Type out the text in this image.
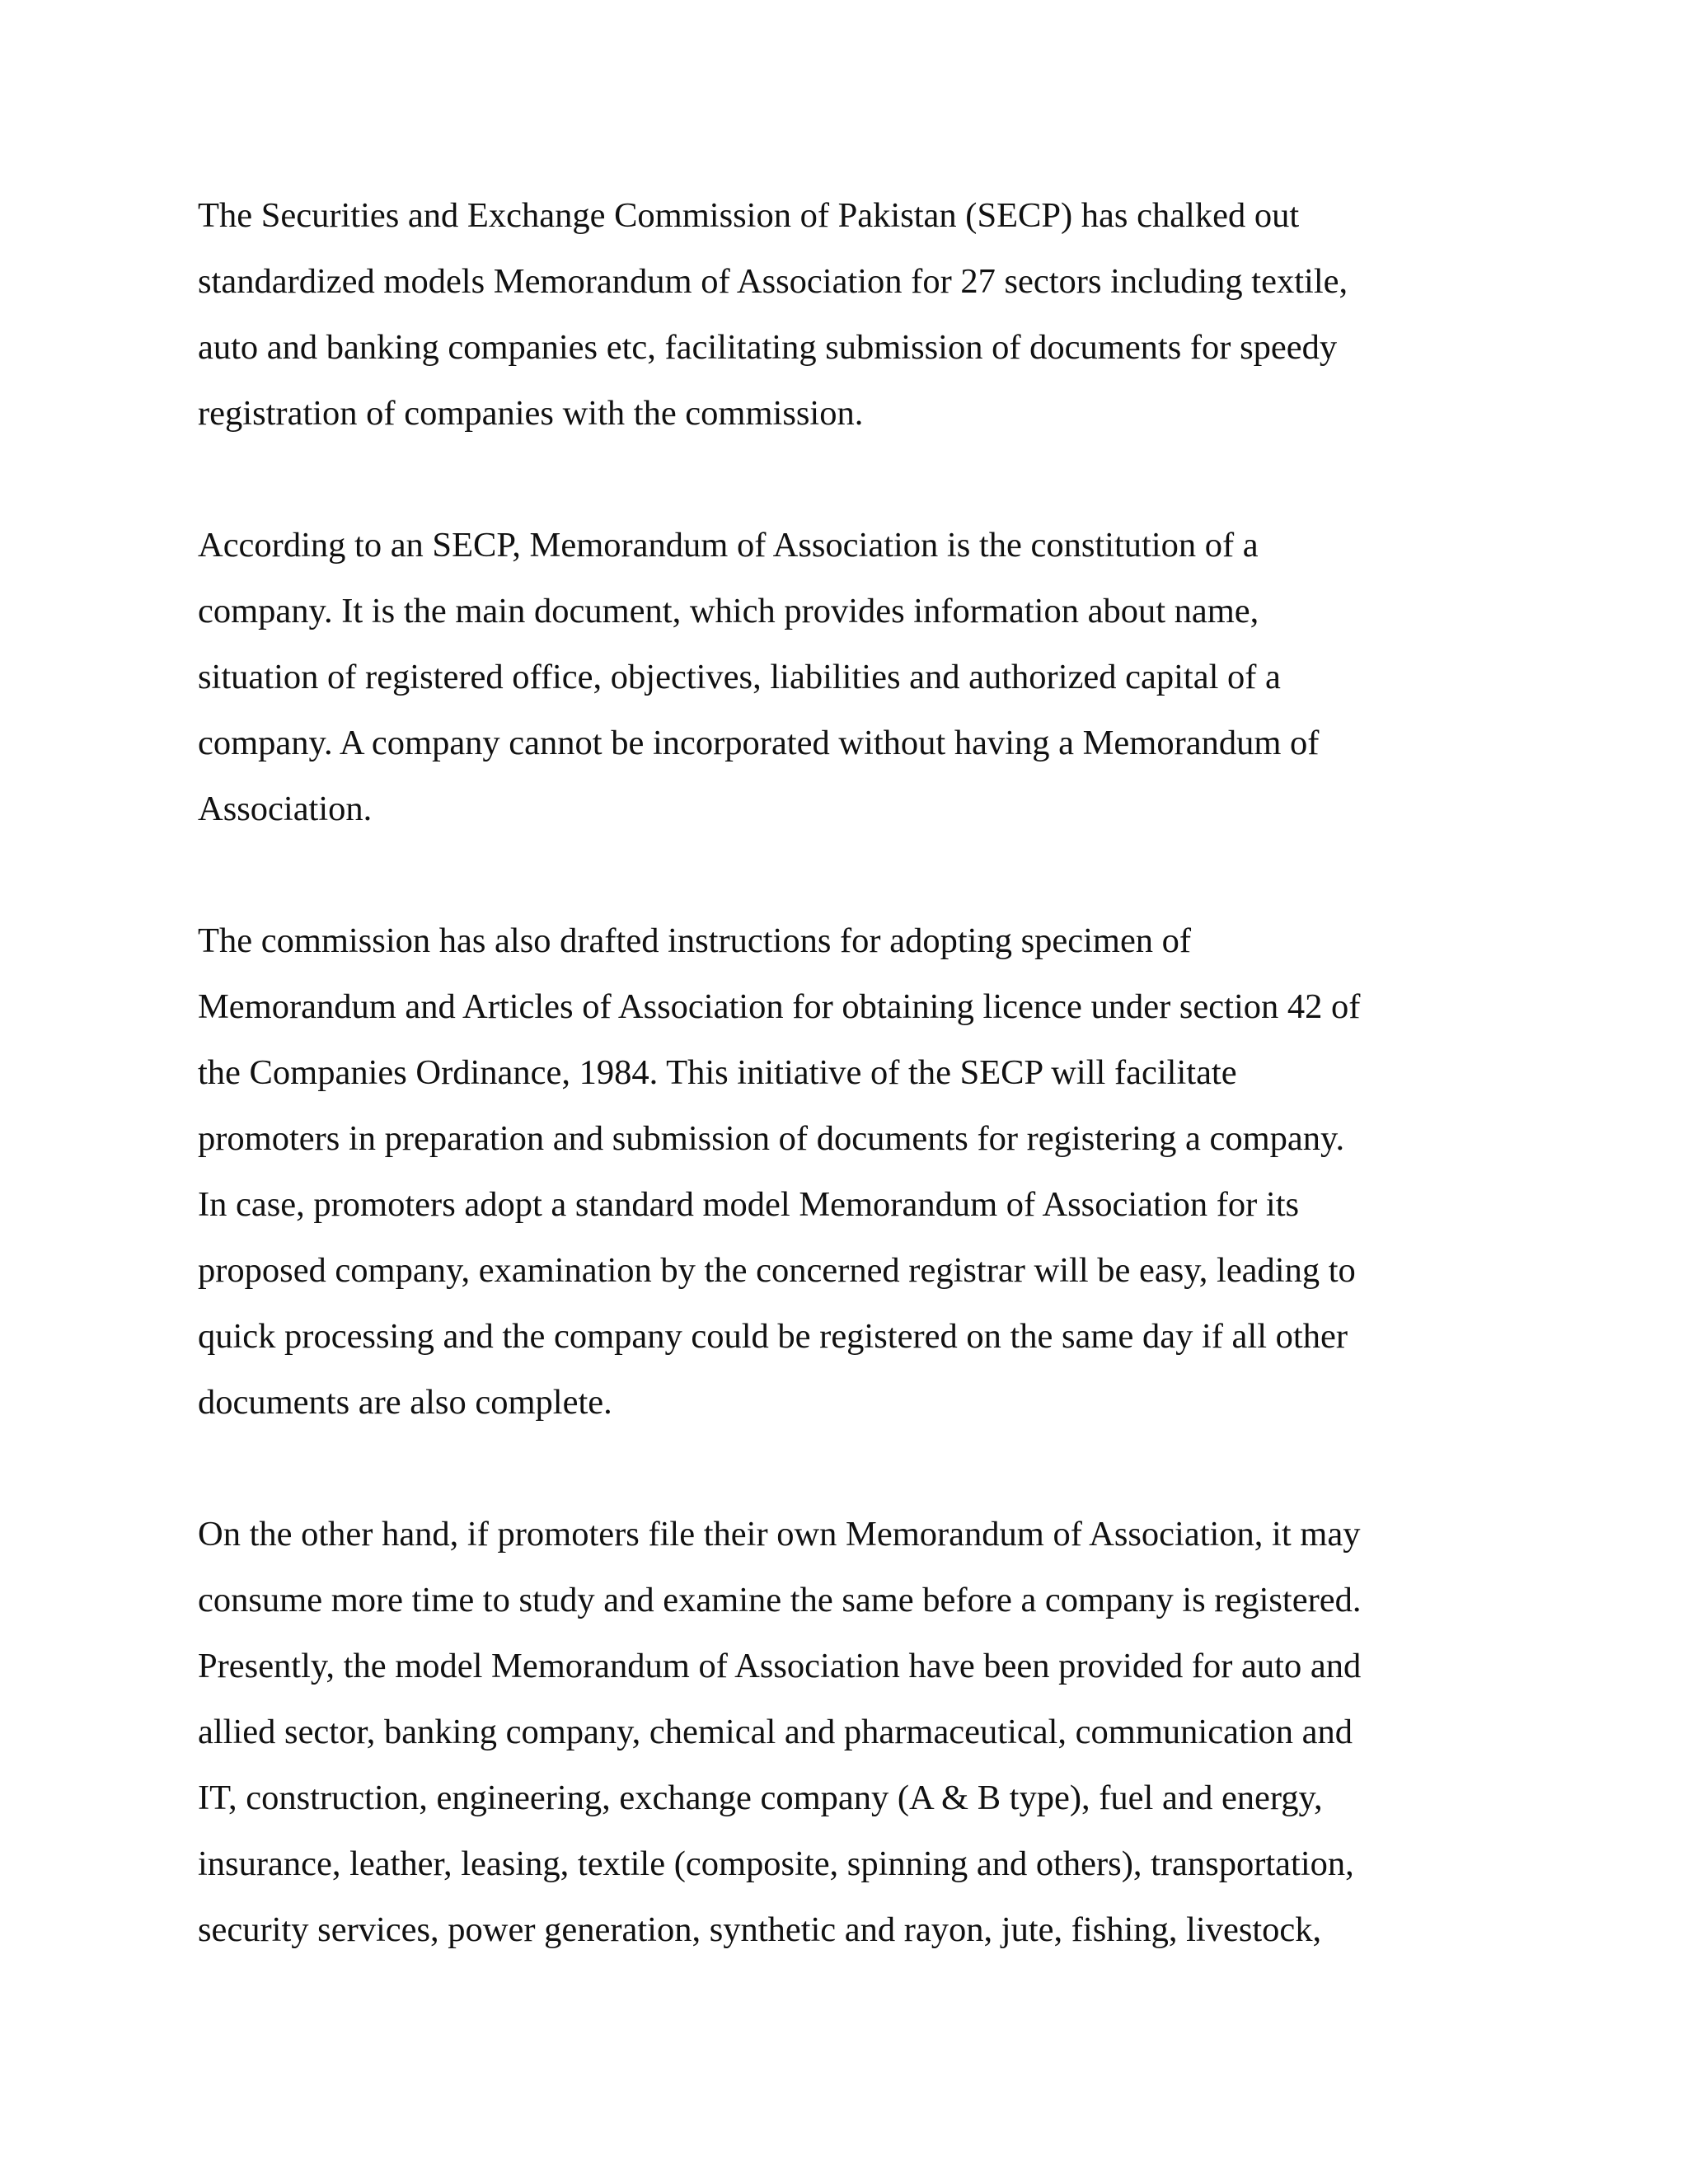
The Securities and Exchange Commission of Pakistan (SECP) has chalked out
standardized models Memorandum of Association for 27 sectors including textile,
auto and banking companies etc, facilitating submission of documents for speedy
registration of companies with the commission.

According to an SECP, Memorandum of Association is the constitution of a
company. It is the main document, which provides information about name,
situation of registered office, objectives, liabilities and authorized capital of a
company. A company cannot be incorporated without having a Memorandum of
Association.

The commission has also drafted instructions for adopting specimen of
Memorandum and Articles of Association for obtaining licence under section 42 of
the Companies Ordinance, 1984. This initiative of the SECP will facilitate
promoters in preparation and submission of documents for registering a company.
In case, promoters adopt a standard model Memorandum of Association for its
proposed company, examination by the concerned registrar will be easy, leading to
quick processing and the company could be registered on the same day if all other
documents are also complete.

On the other hand, if promoters file their own Memorandum of Association, it may
consume more time to study and examine the same before a company is registered.
Presently, the model Memorandum of Association have been provided for auto and
allied sector, banking company, chemical and pharmaceutical, communication and
IT, construction, engineering, exchange company (A & B type), fuel and energy,
insurance, leather, leasing, textile (composite, spinning and others), transportation,
security services, power generation, synthetic and rayon, jute, fishing, livestock,
